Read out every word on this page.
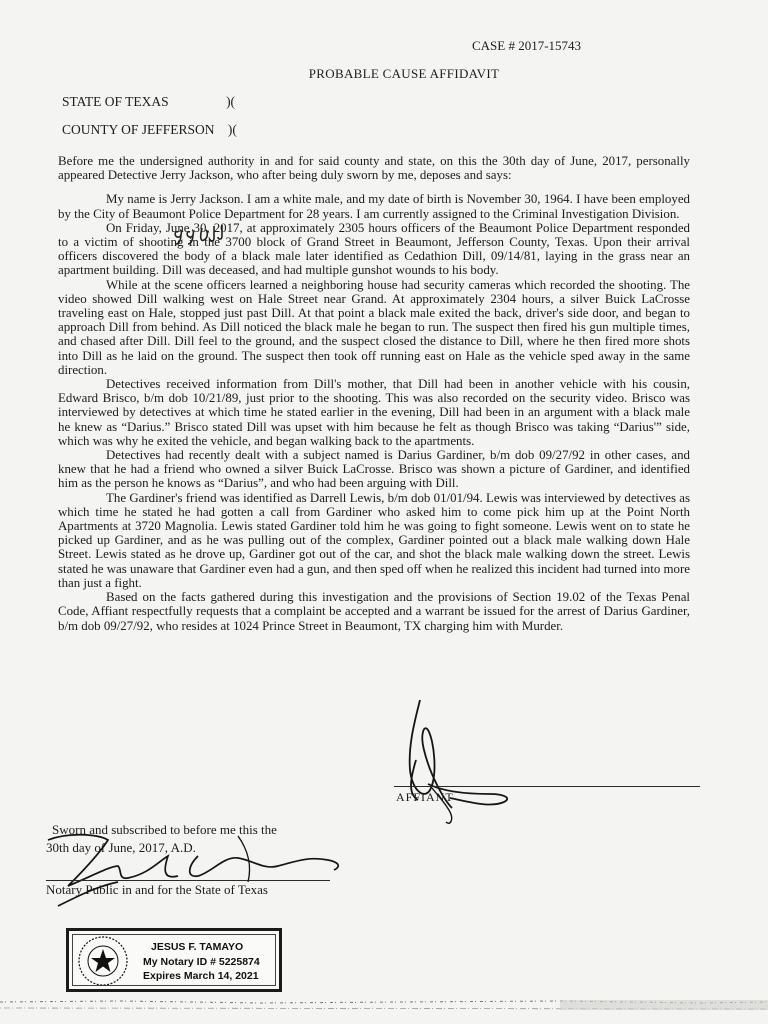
CASE # 2017-15743
PROBABLE CAUSE AFFIDAVIT
STATE OF TEXAS	)(
COUNTY OF JEFFERSON )(

Before me the undersigned authority in and for said county and state, on this the 30th day of June, 2017, personally appeared Detective Jerry Jackson, who after being duly sworn by me, deposes and says:

My name is Jerry Jackson. I am a white male, and my date of birth is November 30, 1964. I have been employed by the City of Beaumont Police Department for 28 years. I am currently assigned to the Criminal Investigation Division.

On Friday, June 30, 2017, at approximately 2305 hours officers of the Beaumont Police Department responded to a victim of shooting in the 3700 block of Grand Street in Beaumont, Jefferson County, Texas. Upon their arrival officers discovered the body of a black male later identified as Cedathion Dill, 09/14/81, laying in the grass near an apartment building. Dill was deceased, and had multiple gunshot wounds to his body.

While at the scene officers learned a neighboring house had security cameras which recorded the shooting. The video showed Dill walking west on Hale Street near Grand. At approximately 2304 hours, a silver Buick LaCrosse traveling east on Hale, stopped just past Dill. At that point a black male exited the back, driver's side door, and began to approach Dill from behind. As Dill noticed the black male he began to run. The suspect then fired his gun multiple times, and chased after Dill. Dill feel to the ground, and the suspect closed the distance to Dill, where he then fired more shots into Dill as he laid on the ground. The suspect then took off running east on Hale as the vehicle sped away in the same direction.

Detectives received information from Dill's mother, that Dill had been in another vehicle with his cousin, Edward Brisco, b/m dob 10/21/89, just prior to the shooting. This was also recorded on the security video. Brisco was interviewed by detectives at which time he stated earlier in the evening, Dill had been in an argument with a black male he knew as “Darius.” Brisco stated Dill was upset with him because he felt as though Brisco was taking “Darius'” side, which was why he exited the vehicle, and began walking back to the apartments.

Detectives had recently dealt with a subject named is Darius Gardiner, b/m dob 09/27/92 in other cases, and knew that he had a friend who owned a silver Buick LaCrosse. Brisco was shown a picture of Gardiner, and identified him as the person he knows as “Darius”, and who had been arguing with Dill.

The Gardiner's friend was identified as Darrell Lewis, b/m dob 01/01/94. Lewis was interviewed by detectives as which time he stated he had gotten a call from Gardiner who asked him to come pick him up at the Point North Apartments at 3720 Magnolia. Lewis stated Gardiner told him he was going to fight someone. Lewis went on to state he picked up Gardiner, and as he was pulling out of the complex, Gardiner pointed out a black male walking down Hale Street. Lewis stated as he drove up, Gardiner got out of the car, and shot the black male walking down the street. Lewis stated he was unaware that Gardiner even had a gun, and then sped off when he realized this incident had turned into more than just a fight.

Based on the facts gathered during this investigation and the provisions of Section 19.02 of the Texas Penal Code, Affiant respectfully requests that a complaint be accepted and a warrant be issued for the arrest of Darius Gardiner, b/m dob 09/27/92, who resides at 1024 Prince Street in Beaumont, TX charging him with Murder.

AFFIANT
Sworn and subscribed to before me this the
30th day of June, 2017, A.D.
Notary Public in and for the State of Texas
JESUS F. TAMAYO
My Notary ID # 5225874
Expires March 14, 2021
